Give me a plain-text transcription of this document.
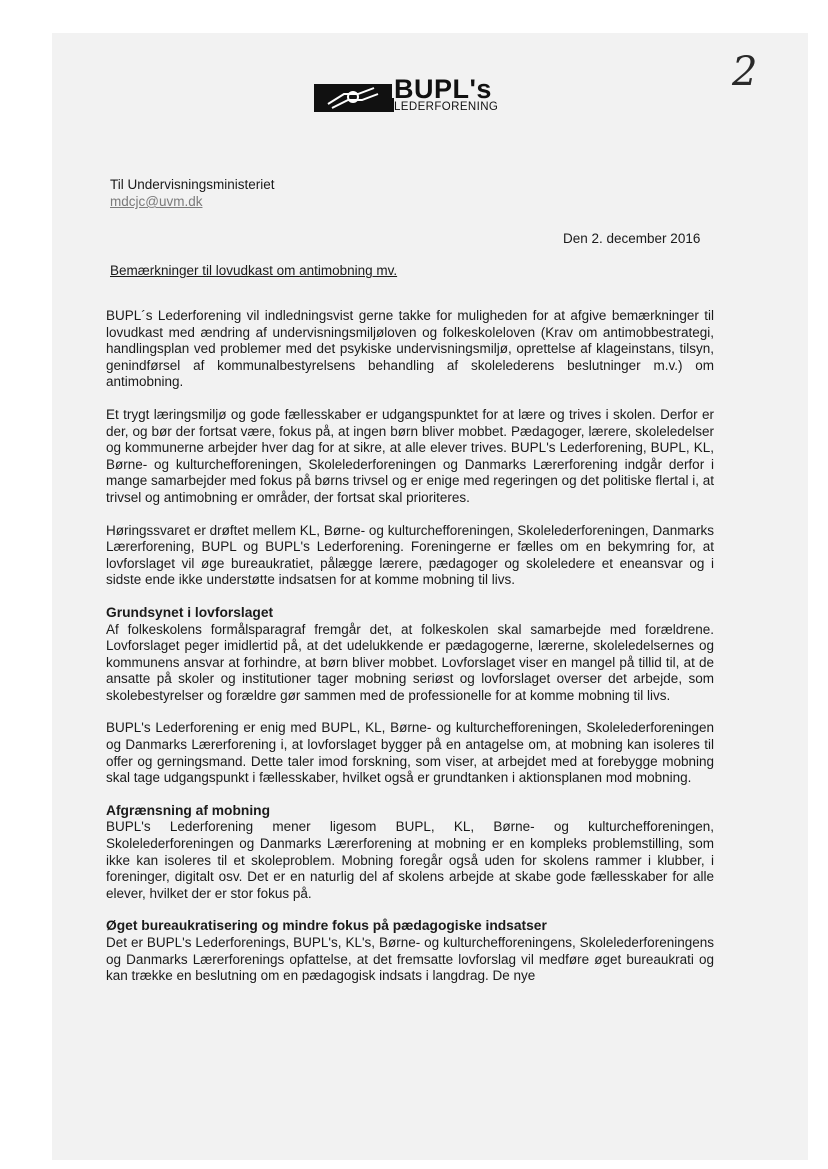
2
BUPL's
LEDERFORENING
Til Undervisningsministeriet
mdcjc@uvm.dk
Den 2. december 2016
Bemærkninger til lovudkast om antimobning mv.

BUPL´s Lederforening vil indledningsvist gerne takke for muligheden for at afgive bemærkninger til lovudkast med ændring af undervisningsmiljøloven og folkeskoleloven (Krav om antimobbestrategi, handlingsplan ved problemer med det psykiske undervisningsmiljø, oprettelse af klageinstans, tilsyn, genindførsel af kommunalbestyrelsens behandling af skolelederens beslutninger m.v.) om antimobning.

Et trygt læringsmiljø og gode fællesskaber er udgangspunktet for at lære og trives i skolen. Derfor er der, og bør der fortsat være, fokus på, at ingen børn bliver mobbet. Pædagoger, lærere, skoleledelser og kommunerne arbejder hver dag for at sikre, at alle elever trives. BUPL's Lederforening, BUPL, KL, Børne- og kulturchefforeningen, Skolelederforeningen og Danmarks Lærerforening indgår derfor i mange samarbejder med fokus på børns trivsel og er enige med regeringen og det politiske flertal i, at trivsel og antimobning er områder, der fortsat skal prioriteres.

Høringssvaret er drøftet mellem KL, Børne- og kulturchefforeningen, Skolelederforeningen, Danmarks Lærerforening, BUPL og BUPL's Lederforening. Foreningerne er fælles om en bekymring for, at lovforslaget vil øge bureaukratiet, pålægge lærere, pædagoger og skoleledere et eneansvar og i sidste ende ikke understøtte indsatsen for at komme mobning til livs.

Grundsynet i lovforslaget

Af folkeskolens formålsparagraf fremgår det, at folkeskolen skal samarbejde med forældrene. Lovforslaget peger imidlertid på, at det udelukkende er pædagogerne, lærerne, skoleledelsernes og kommunens ansvar at forhindre, at børn bliver mobbet. Lovforslaget viser en mangel på tillid til, at de ansatte på skoler og institutioner tager mobning seriøst og lovforslaget overser det arbejde, som skolebestyrelser og forældre gør sammen med de professionelle for at komme mobning til livs.

BUPL's Lederforening er enig med BUPL, KL, Børne- og kulturchefforeningen, Skolelederforeningen og Danmarks Lærerforening i, at lovforslaget bygger på en antagelse om, at mobning kan isoleres til offer og gerningsmand. Dette taler imod forskning, som viser, at arbejdet med at forebygge mobning skal tage udgangspunkt i fællesskaber, hvilket også er grundtanken i aktionsplanen mod mobning.

Afgrænsning af mobning

BUPL's Lederforening mener ligesom BUPL, KL, Børne- og kulturchefforeningen, Skolelederforeningen og Danmarks Lærerforening at mobning er en kompleks problemstilling, som ikke kan isoleres til et skoleproblem. Mobning foregår også uden for skolens rammer i klubber, i foreninger, digitalt osv. Det er en naturlig del af skolens arbejde at skabe gode fællesskaber for alle elever, hvilket der er stor fokus på.

Øget bureaukratisering og mindre fokus på pædagogiske indsatser

Det er BUPL's Lederforenings, BUPL's, KL's, Børne- og kulturchefforeningens, Skolelederforeningens og Danmarks Lærerforenings opfattelse, at det fremsatte lovforslag vil medføre øget bureaukrati og kan trække en beslutning om en pædagogisk indsats i langdrag. De nye
